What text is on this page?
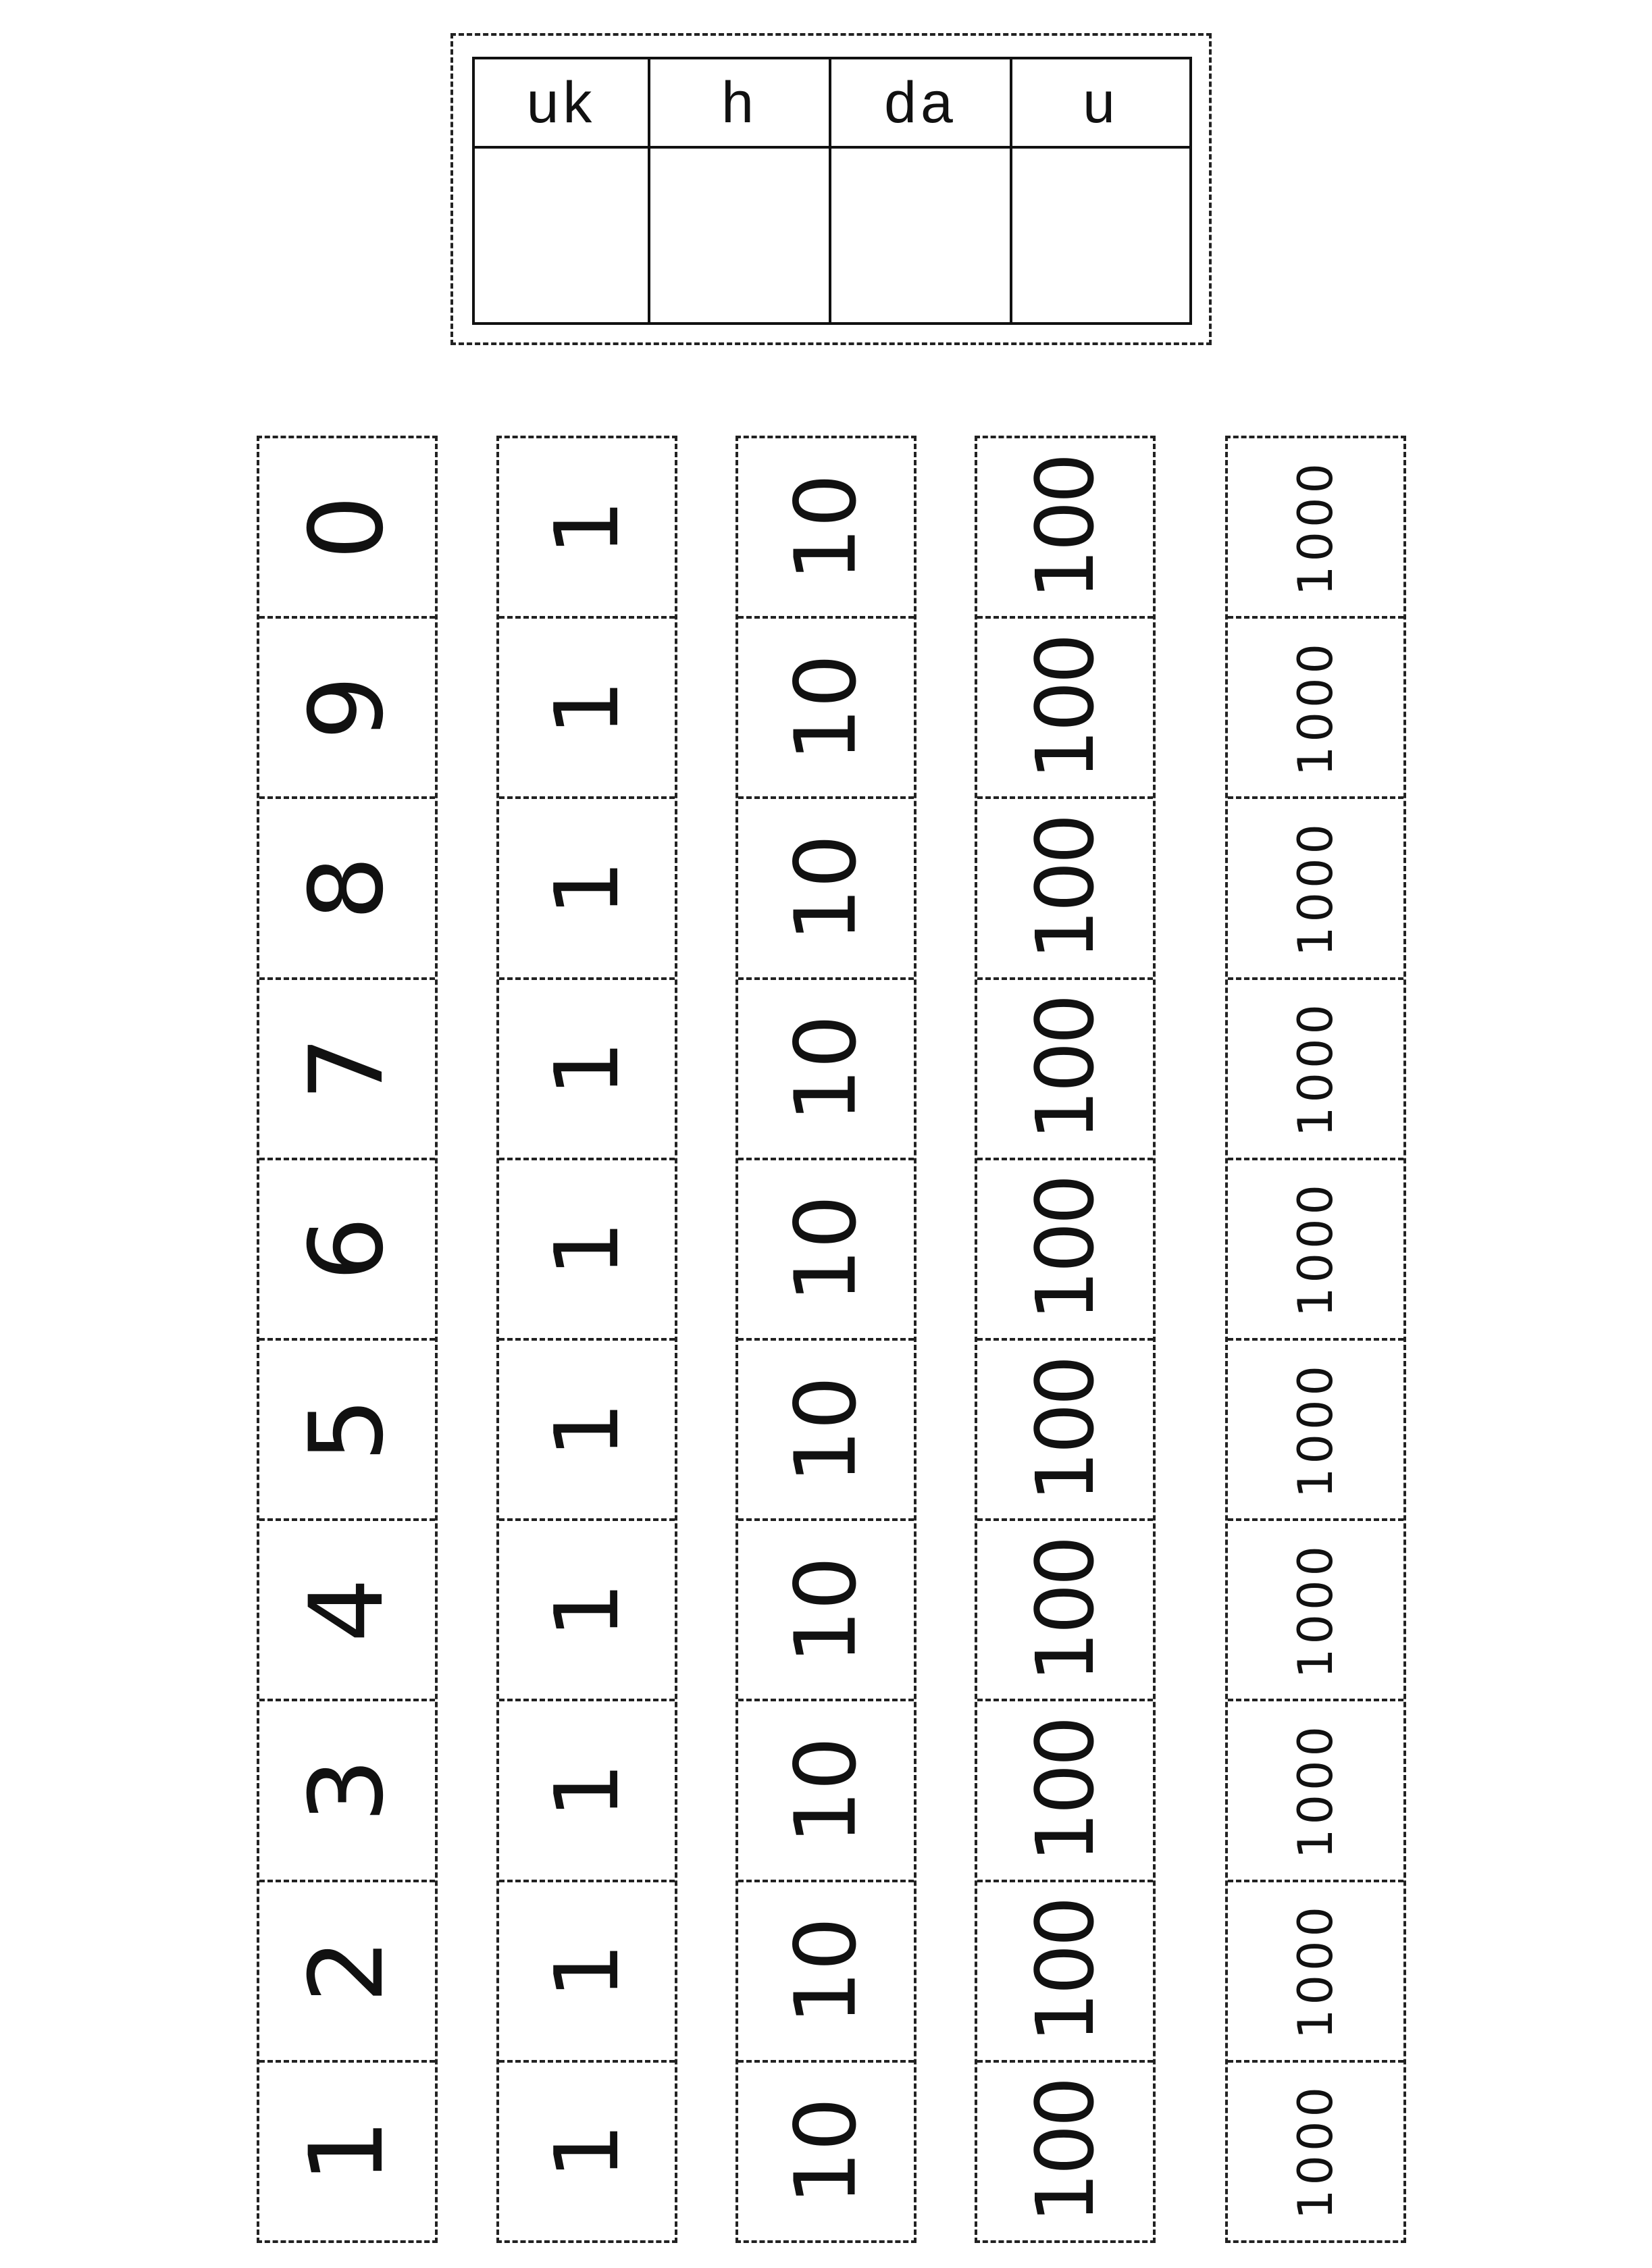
uk	h	da	u
0
9
8
7
6
5
4
3
2
1
1
1
1
1
1
1
1
1
1
1
10
10
10
10
10
10
10
10
10
10
100
100
100
100
100
100
100
100
100
100
1000
1000
1000
1000
1000
1000
1000
1000
1000
1000
